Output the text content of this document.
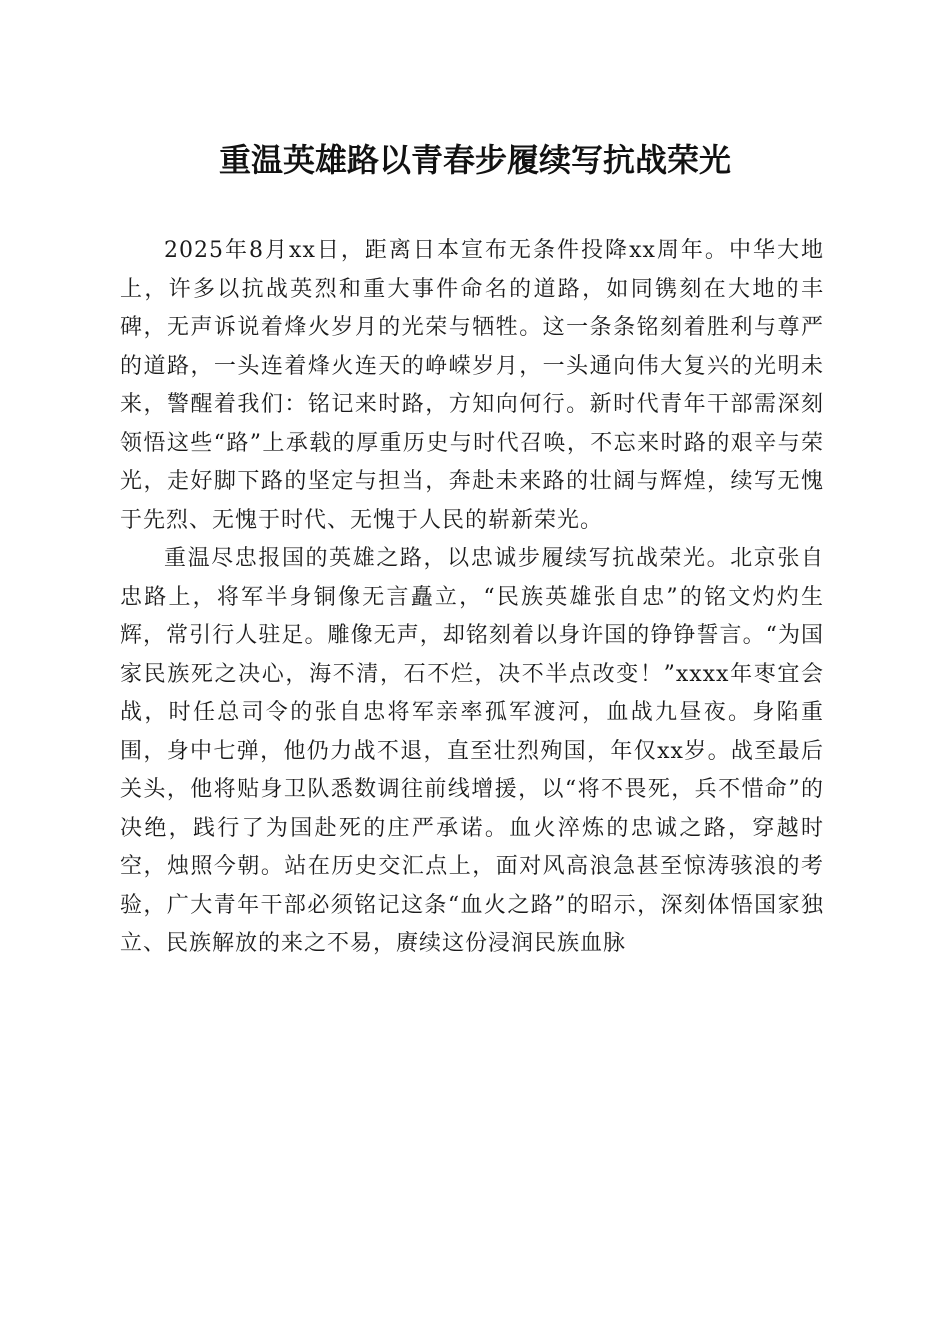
重温英雄路以青春步履续写抗战荣光

2025年8月xx日，距离日本宣布无条件投降xx周年。中华大地上，许多以抗战英烈和重大事件命名的道路，如同镌刻在大地的丰碑，无声诉说着烽火岁月的光荣与牺牲。这一条条铭刻着胜利与尊严的道路，一头连着烽火连天的峥嵘岁月，一头通向伟大复兴的光明未来，警醒着我们：铭记来时路，方知向何行。新时代青年干部需深刻领悟这些“路”上承载的厚重历史与时代召唤，不忘来时路的艰辛与荣光，走好脚下路的坚定与担当，奔赴未来路的壮阔与辉煌，续写无愧于先烈、无愧于时代、无愧于人民的崭新荣光。

重温尽忠报国的英雄之路，以忠诚步履续写抗战荣光。北京张自忠路上，将军半身铜像无言矗立，“民族英雄张自忠”的铭文灼灼生辉，常引行人驻足。雕像无声，却铭刻着以身许国的铮铮誓言。“为国家民族死之决心，海不清，石不烂，决不半点改变！”xxxx年枣宜会战，时任总司令的张自忠将军亲率孤军渡河，血战九昼夜。身陷重围，身中七弹，他仍力战不退，直至壮烈殉国，年仅xx岁。战至最后关头，他将贴身卫队悉数调往前线增援，以“将不畏死，兵不惜命”的决绝，践行了为国赴死的庄严承诺。血火淬炼的忠诚之路，穿越时空，烛照今朝。站在历史交汇点上，面对风高浪急甚至惊涛骇浪的考验，广大青年干部必须铭记这条“血火之路”的昭示，深刻体悟国家独立、民族解放的来之不易，赓续这份浸润民族血脉
